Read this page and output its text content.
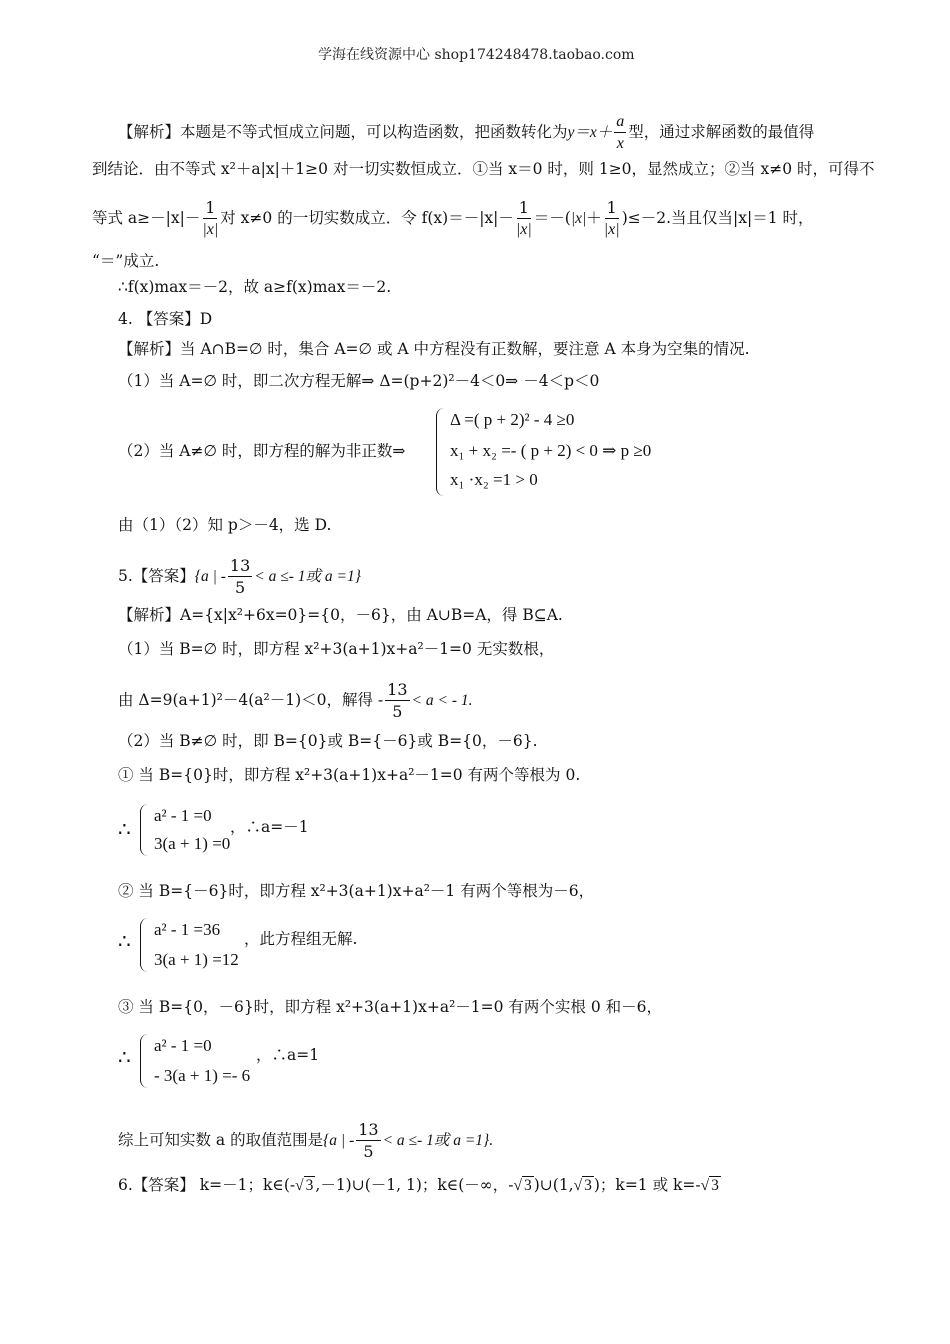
学海在线资源中心 shop174248478.taobao.com
【解析】本题是不等式恒成立问题，可以构造函数，把函数转化为$y=x+ \frac{a}{x}$ 型，通过求解函数的最值得
到结论．由不等式 x²＋a|x|＋1≥0 对一切实数恒成立．①当 x＝0 时，则 1≥0，显然成立；②当 x≠0 时，可得不
等式 $a\ge-|x|- \frac{1}{|x|}$ 对 x≠0 的一切实数成立．令 $f(x)=-|x|- \frac{1}{|x|} =-(|x|+ \frac{1}{|x|} )\le-2$.当且仅当|x|＝1 时，
“＝”成立.
∴f(x)max＝－2，故 a≥f(x)max＝－2.
4. 【答案】D
【解析】当 A∩B=∅ 时，集合 A=∅ 或 A 中方程没有正数解，要注意 A 本身为空集的情况.
（1）当 A=∅ 时，即二次方程无解⇒ Δ=(p+2)²－4＜0⇒ －4＜p＜0
（2）当 A≠∅ 时，即方程的解为非正数⇒
Δ =( p + 2)² - 4 ≥0
x₁ + x₂ =- ( p + 2) < 0 ⇒ p ≥0
x₁ ·x₂ =1 > 0
由（1）（2）知 p＞－4，选 D.
5.【答案】{a | - $\frac{13}{5} < a \le- 1$或 a =1}
【解析】A={x|x²+6x=0}={0，－6}，由 A∪B=A，得 B⊆A.
（1）当 B=∅ 时，即方程 x²+3(a+1)x+a²－1=0 无实数根，
由 Δ=9(a+1)²－4(a²－1)＜0，解得 - $\frac{13}{5} < a$ < - 1.
（2）当 B≠∅ 时，即 B={0}或 B={－6}或 B={0，－6}.
① 当 B={0}时，即方程 x²+3(a+1)x+a²－1=0 有两个等根为 0.
∴
a² - 1 =0
3(a + 1) =0
，∴a=－1
② 当 B={－6}时，即方程 x²+3(a+1)x+a²－1 有两个等根为－6，
∴ a² - 1 =36
3(a + 1) =12
，此方程组无解.
③ 当 B={0，－6}时，即方程 x²+3(a+1)x+a²－1=0 有两个实根 0 和－6，
∴ a² - 1 =0
- 3(a + 1) =- 6
，∴a=1
综上可知实数 a 的取值范围是{a | - $\frac{13}{5} < a \le- 1$或 a =1}.
6.【答案】 k=－1；k∈(-√ 3 ,－1)∪(－1, 1)；k∈(－∞，-√ 3 )∪(1,√ 3 )；k=1 或 k=-√ 3
